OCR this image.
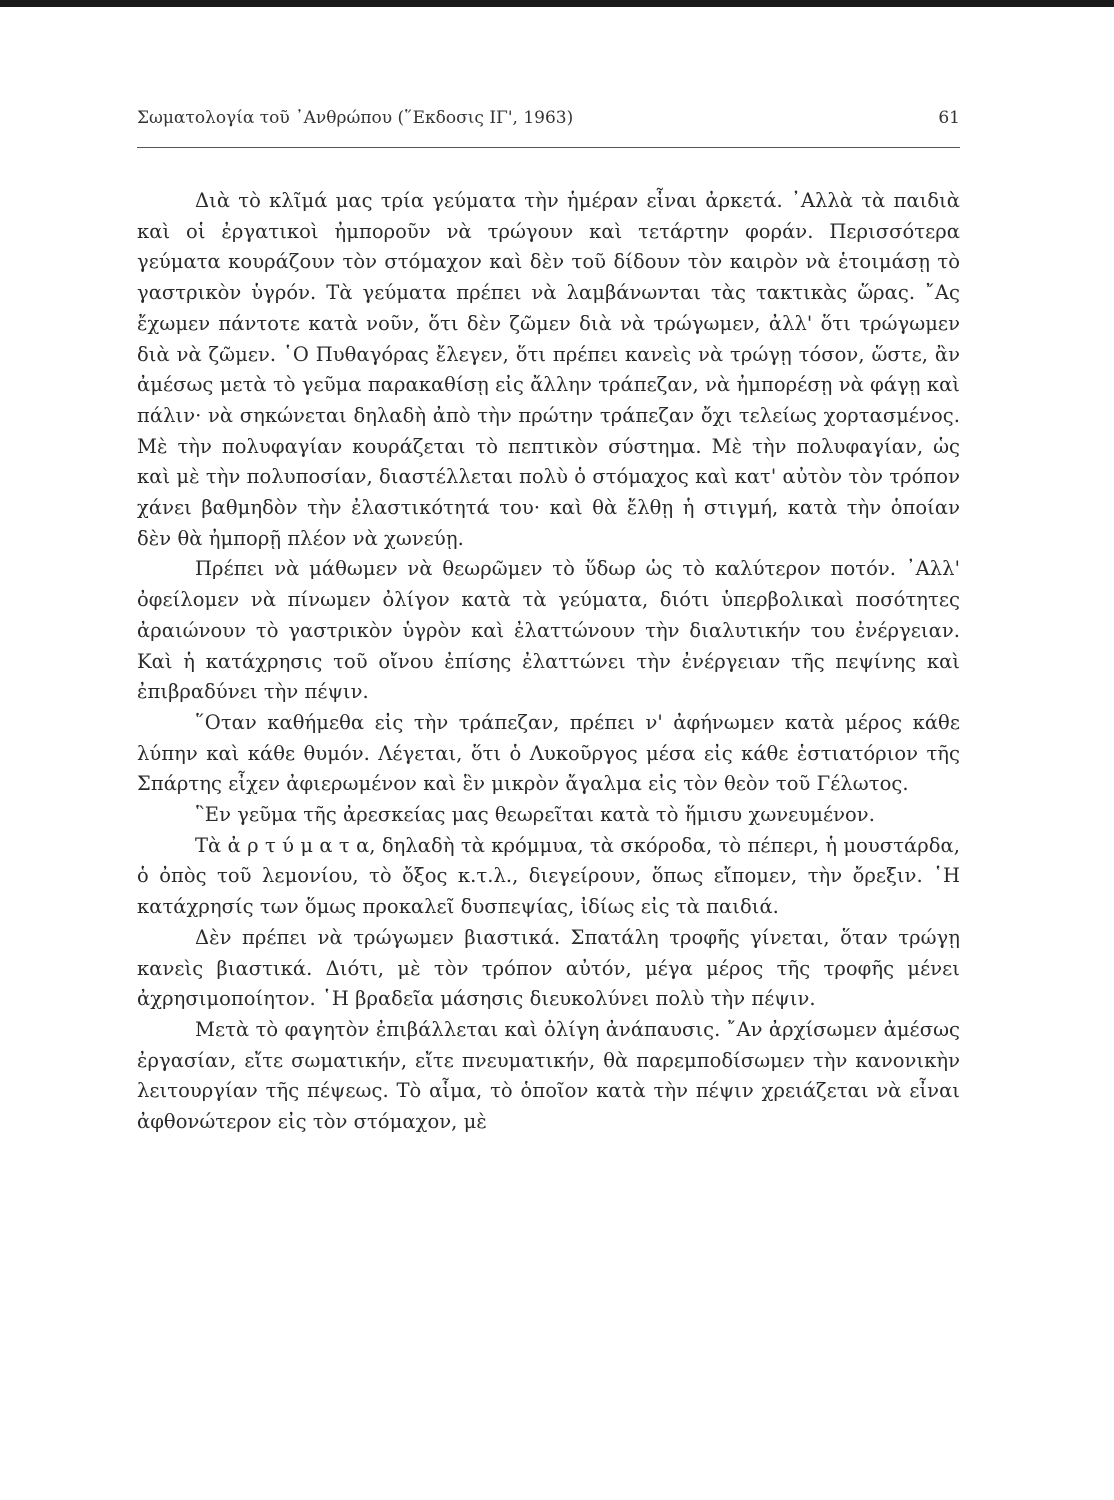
Σωματολογία τοῦ ᾿Ανθρώπου (῞Εκδοσις ΙΓ', 1963)	61

Διὰ τὸ κλῖμά μας τρία γεύματα τὴν ἡμέραν εἶναι ἀρκετά. ᾿Αλλὰ τὰ παιδιὰ καὶ οἱ ἐργατικοὶ ἠμποροῦν νὰ τρώγουν καὶ τετάρτην φοράν. Περισσότερα γεύματα κουράζουν τὸν στόμαχον καὶ δὲν τοῦ δίδουν τὸν καιρὸν νὰ ἑτοιμάσῃ τὸ γαστρικὸν ὑγρόν. Τὰ γεύματα πρέπει νὰ λαμβάνωνται τὰς τακτικὰς ὥρας. ῎Ας ἔχωμεν πάντοτε κατὰ νοῦν, ὅτι δὲν ζῶμεν διὰ νὰ τρώγωμεν, ἀλλ' ὅτι τρώγωμεν διὰ νὰ ζῶμεν. ῾Ο Πυθαγόρας ἔλεγεν, ὅτι πρέπει κανεὶς νὰ τρώγῃ τόσον, ὥστε, ἂν ἀμέσως μετὰ τὸ γεῦμα παρακαθίσῃ εἰς ἄλλην τράπεζαν, νὰ ἠμπορέσῃ νὰ φάγῃ καὶ πάλιν· νὰ σηκώνεται δηλαδὴ ἀπὸ τὴν πρώτην τράπεζαν ὄχι τελείως χορτασμένος. Μὲ τὴν πολυφαγίαν κουράζεται τὸ πεπτικὸν σύστημα. Μὲ τὴν πολυφαγίαν, ὡς καὶ μὲ τὴν πολυποσίαν, διαστέλλεται πολὺ ὁ στόμαχος καὶ κατ' αὐτὸν τὸν τρόπον χάνει βαθμηδὸν τὴν ἐλαστικότητά του· καὶ θὰ ἔλθῃ ἡ στιγμή, κατὰ τὴν ὁποίαν δὲν θὰ ἠμπορῇ πλέον νὰ χωνεύῃ.

Πρέπει νὰ μάθωμεν νὰ θεωρῶμεν τὸ ὕδωρ ὡς τὸ καλύτερον ποτόν. ᾿Αλλ' ὀφείλομεν νὰ πίνωμεν ὀλίγον κατὰ τὰ γεύματα, διότι ὑπερβολικαὶ ποσότητες ἀραιώνουν τὸ γαστρικὸν ὑγρὸν καὶ ἐλαττώνουν τὴν διαλυτικήν του ἐνέργειαν. Καὶ ἡ κατάχρησις τοῦ οἴνου ἐπίσης ἐλαττώνει τὴν ἐνέργειαν τῆς πεψίνης καὶ ἐπιβραδύνει τὴν πέψιν.

῞Οταν καθήμεθα εἰς τὴν τράπεζαν, πρέπει ν' ἀφήνωμεν κατὰ μέρος κάθε λύπην καὶ κάθε θυμόν. Λέγεται, ὅτι ὁ Λυκοῦργος μέσα εἰς κάθε ἑστιατόριον τῆς Σπάρτης εἶχεν ἀφιερωμένον καὶ ἓν μικρὸν ἄγαλμα εἰς τὸν θεὸν τοῦ Γέλωτος.

῝Εν γεῦμα τῆς ἀρεσκείας μας θεωρεῖται κατὰ τὸ ἥμισυ χωνευμένον.

Τὰ ἀ ρ τ ύ μ α τ α, δηλαδὴ τὰ κρόμμυα, τὰ σκόροδα, τὸ πέπερι, ἡ μουστάρδα, ὁ ὀπὸς τοῦ λεμονίου, τὸ ὄξος κ.τ.λ., διεγείρουν, ὅπως εἴπομεν, τὴν ὄρεξιν. ῾Η κατάχρησίς των ὅμως προκαλεῖ δυσπεψίας, ἰδίως εἰς τὰ παιδιά.

Δὲν πρέπει νὰ τρώγωμεν βιαστικά. Σπατάλη τροφῆς γίνεται, ὅταν τρώγῃ κανεὶς βιαστικά. Διότι, μὲ τὸν τρόπον αὐτόν, μέγα μέρος τῆς τροφῆς μένει ἀχρησιμοποίητον. ῾Η βραδεῖα μάσησις διευκολύνει πολὺ τὴν πέψιν.

Μετὰ τὸ φαγητὸν ἐπιβάλλεται καὶ ὀλίγη ἀνάπαυσις. ῎Αν ἀρχίσωμεν ἀμέσως ἐργασίαν, εἴτε σωματικήν, εἴτε πνευματικήν, θὰ παρεμποδίσωμεν τὴν κανονικὴν λειτουργίαν τῆς πέψεως. Τὸ αἷμα, τὸ ὁποῖον κατὰ τὴν πέψιν χρειάζεται νὰ εἶναι ἀφθονώτερον εἰς τὸν στόμαχον, μὲ
